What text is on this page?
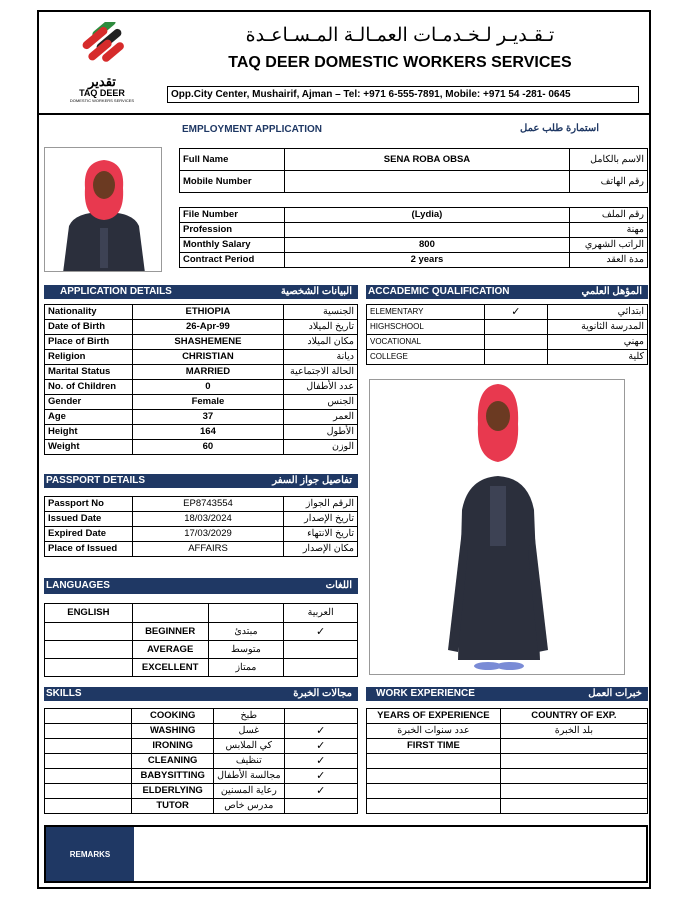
تقدير
TAQ DEER
DOMESTIC WORKERS SERVICES
تـقـديـر لـخـدمـات العمـالـة المـسـاعـدة
TAQ DEER DOMESTIC WORKERS SERVICES
Opp.City Center, Mushairif, Ajman – Tel: +971 6-555-7891, Mobile: +971 54 -281- 0645
EMPLOYMENT APPLICATION	استمارة طلب عمل
Full Name	SENA ROBA OBSA	الاسم بالكامل
Mobile Number		رقم الهاتف
File Number	(Lydia)	رقم الملف
Profession		مهنة
Monthly Salary	800	الراتب الشهري
Contract Period	2 years	مدة العقد
APPLICATION DETAILS	البيانات الشخصية
Nationality	ETHIOPIA	الجنسية
Date of Birth	26-Apr-99	تاريخ الميلاد
Place of Birth	SHASHEMENE	مكان الميلاد
Religion	CHRISTIAN	ديانة
Marital Status	MARRIED	الحالة الاجتماعية
No. of Children	0	عدد الأطفال
Gender	Female	الجنس
Age	37	العمر
Height	164	الأطول
Weight	60	الوزن
ACCADEMIC QUALIFICATION	المؤهل العلمي
ELEMENTARY	✓	ابتدائي
HIGHSCHOOL		المدرسة الثانوية
VOCATIONAL		مهني
COLLEGE		كلية
PASSPORT DETAILS	تفاصيل جواز السفر
Passport No	EP8743554	الرقم الجواز
Issued Date	18/03/2024	تاريخ الإصدار
Expired Date	17/03/2029	تاريخ الانتهاء
Place of Issued	AFFAIRS	مكان الإصدار
LANGUAGES	اللغات
ENGLISH			العربية
	BEGINNER	مبتدئ	✓
	AVERAGE	متوسط	
	EXCELLENT	ممتاز	
SKILLS	مجالات الخبرة
	COOKING	طبخ	
	WASHING	غسل	✓
	IRONING	كي الملابس	✓
	CLEANING	تنظيف	✓
	BABYSITTING	مجالسة الأطفال	✓
	ELDERLYING	رعاية المسنين	✓
	TUTOR	مدرس خاص	
WORK EXPERIENCE	خبرات العمل
YEARS OF EXPERIENCE	COUNTRY OF EXP.
عدد سنوات الخبرة	بلد الخبرة
FIRST TIME	

REMARKS
